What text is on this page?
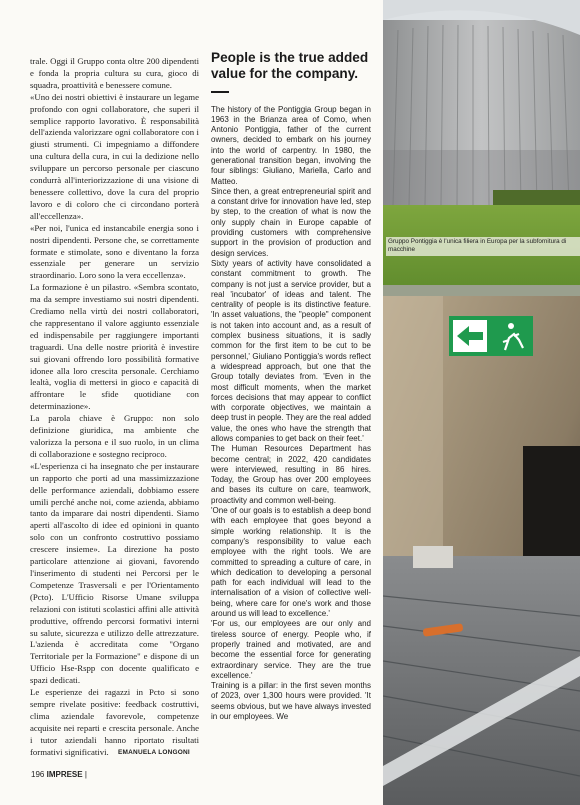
trale. Oggi il Gruppo conta oltre 200 dipendenti e fonda la propria cultura su cura, gioco di squadra, proattività e benessere comune.

«Uno dei nostri obiettivi è instaurare un legame profondo con ogni collaboratore, che superi il semplice rapporto lavorativo. È responsabilità dell'azienda valorizzare ogni collaboratore con i giusti strumenti. Ci impegniamo a diffondere una cultura della cura, in cui la dedizione nello sviluppare un percorso personale per ciascuno condurrà all'interiorizzazione di una visione di benessere collettivo, dove la cura del proprio lavoro e di coloro che ci circondano porterà all'eccellenza».

«Per noi, l'unica ed instancabile energia sono i nostri dipendenti. Persone che, se correttamente formate e stimolate, sono e diventano la forza essenziale per generare un servizio straordinario. Loro sono la vera eccellenza».

La formazione è un pilastro. «Sembra scontato, ma da sempre investiamo sui nostri dipendenti. Crediamo nella virtù dei nostri collaboratori, che rappresentano il valore aggiunto essenziale ed indispensabile per raggiungere importanti traguardi. Una delle nostre priorità è investire sui giovani offrendo loro possibilità formative idonee alla loro crescita personale. Cerchiamo lealtà, voglia di mettersi in gioco e capacità di affrontare le sfide quotidiane con determinazione».

La parola chiave è Gruppo: non solo definizione giuridica, ma ambiente che valorizza la persona e il suo ruolo, in un clima di collaborazione e sostegno reciproco.

«L'esperienza ci ha insegnato che per instaurare un rapporto che porti ad una massimizzazione delle performance aziendali, dobbiamo essere umili perché anche noi, come azienda, abbiamo tanto da imparare dai nostri dipendenti. Siamo aperti all'ascolto di idee ed opinioni in quanto solo con un confronto costruttivo possiamo crescere insieme». La direzione ha posto particolare attenzione ai giovani, favorendo l'inserimento di studenti nei Percorsi per le Competenze Trasversali e per l'Orientamento (Pcto). L'Ufficio Risorse Umane sviluppa relazioni con istituti scolastici affini alle attività produttive, offrendo percorsi formativi interni su salute, sicurezza e utilizzo delle attrezzature. L'azienda è accreditata come "Organo Territoriale per la Formazione" e dispone di un Ufficio Hse-Rspp con docente qualificato e spazi dedicati.

Le esperienze dei ragazzi in Pcto si sono sempre rivelate positive: feedback costruttivi, clima aziendale favorevole, competenze acquisite nei reparti e crescita personale. Anche i tutor aziendali hanno riportato risultati formativi significativi.	EMANUELA LONGONI
People is the true added value for the company.

The history of the Pontiggia Group began in 1963 in the Brianza area of Como, when Antonio Pontiggia, father of the current owners, decided to embark on his journey into the world of carpentry. In 1980, the generational transition began, involving the four siblings: Giuliano, Mariella, Carlo and Matteo.

Since then, a great entrepreneurial spirit and a constant drive for innovation have led, step by step, to the creation of what is now the only supply chain in Europe capable of providing customers with comprehensive support in the provision of production and design services.

Sixty years of activity have consolidated a constant commitment to growth. The company is not just a service provider, but a real 'incubator' of ideas and talent. The centrality of people is its distinctive feature. 'In asset valuations, the "people" component is not taken into account and, as a result of complex business situations, it is sadly common for the first item to be cut to be personnel,' Giuliano Pontiggia's words reflect a widespread approach, but one that the Group totally deviates from. 'Even in the most difficult moments, when the market forces decisions that may appear to conflict with corporate objectives, we maintain a deep trust in people. They are the real added value, the ones who have the strength that allows companies to get back on their feet.'

The Human Resources Department has become central; in 2022, 420 candidates were interviewed, resulting in 86 hires. Today, the Group has over 200 employees and bases its culture on care, teamwork, proactivity and common well-being.

'One of our goals is to establish a deep bond with each employee that goes beyond a simple working relationship. It is the company's responsibility to value each employee with the right tools. We are committed to spreading a culture of care, in which dedication to developing a personal path for each individual will lead to the internalisation of a vision of collective well-being, where care for one's work and those around us will lead to excellence.'

'For us, our employees are our only and tireless source of energy. People who, if properly trained and motivated, are and become the essential force for generating extraordinary service. They are the true excellence.'

Training is a pillar: in the first seven months of 2023, over 1,300 hours were provided. 'It seems obvious, but we have always invested in our employees. We

196 IMPRESE |
Gruppo Pontiggia è l'unica filiera in Europa per la subfornitura di macchine
